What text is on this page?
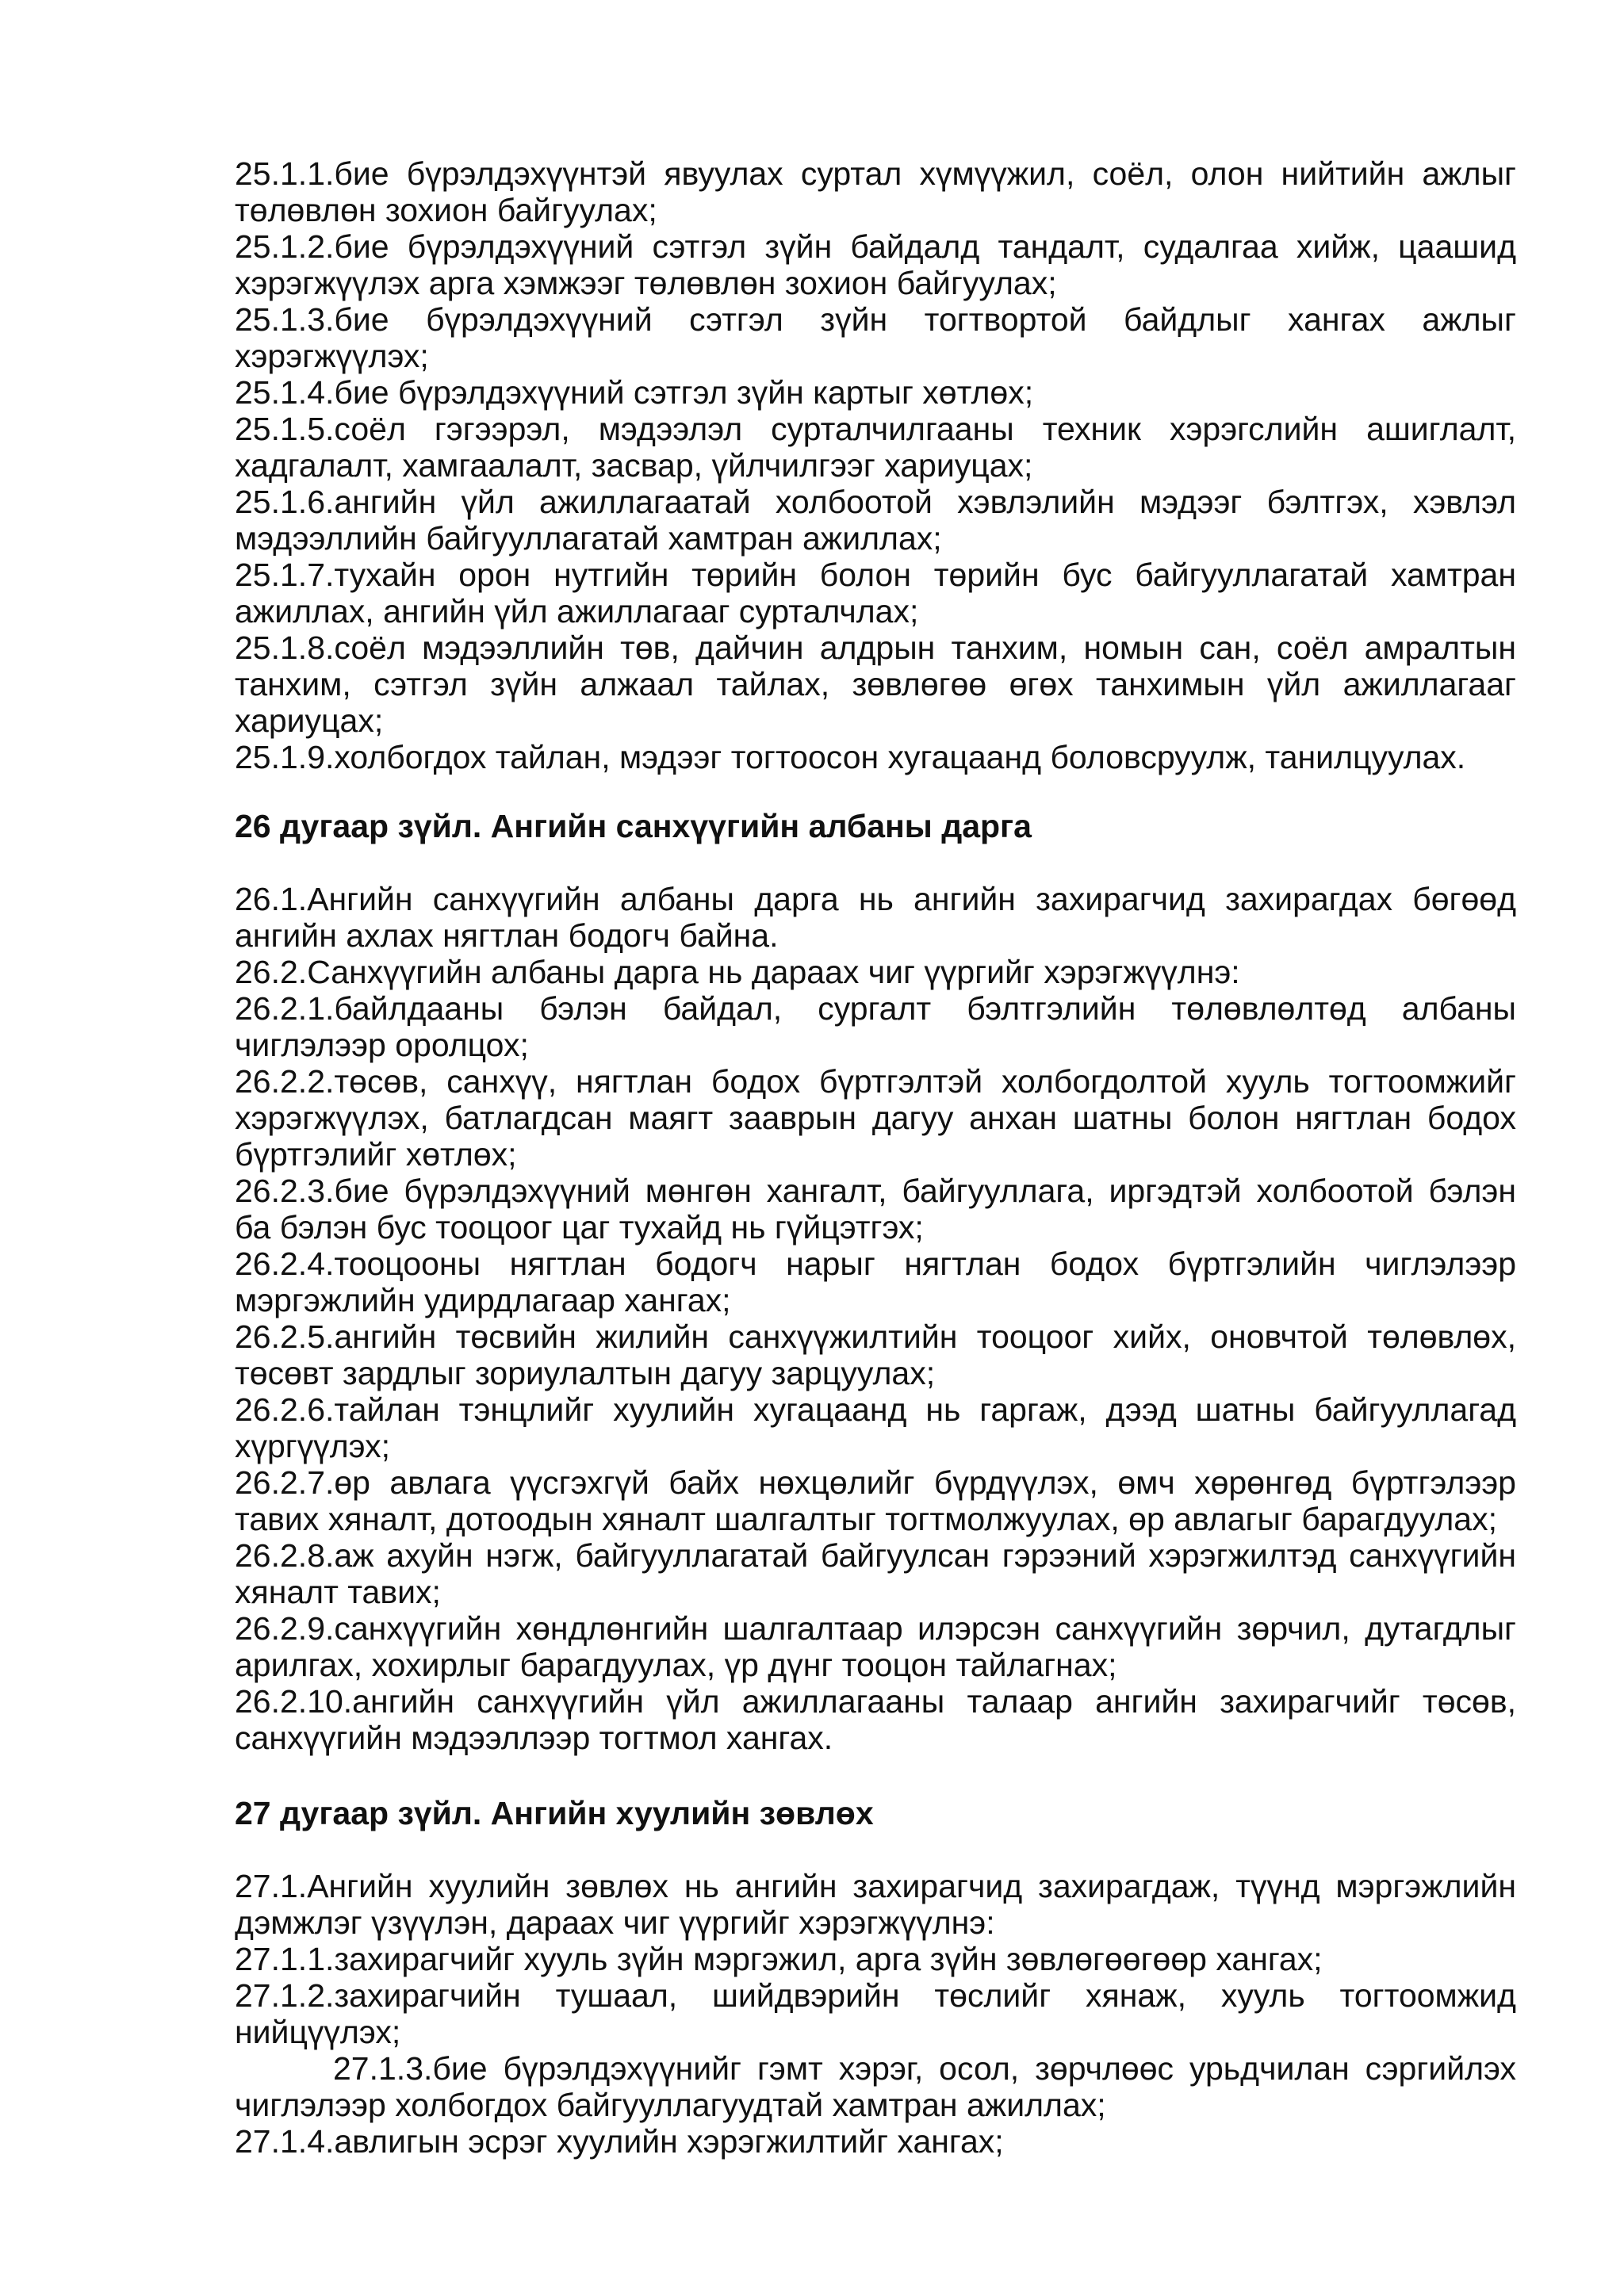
25.1.1.бие бүрэлдэхүүнтэй явуулах суртал хүмүүжил, соёл, олон нийтийн ажлыг төлөвлөн зохион байгуулах;

25.1.2.бие бүрэлдэхүүний сэтгэл зүйн байдалд тандалт, судалгаа хийж, цаашид хэрэгжүүлэх арга хэмжээг төлөвлөн зохион байгуулах;

25.1.3.бие бүрэлдэхүүний сэтгэл зүйн тогтвортой байдлыг хангах ажлыг хэрэгжүүлэх;

25.1.4.бие бүрэлдэхүүний сэтгэл зүйн картыг хөтлөх;

25.1.5.соёл гэгээрэл, мэдээлэл сурталчилгааны техник хэрэгслийн ашиглалт, хадгалалт, хамгаалалт, засвар, үйлчилгээг хариуцах;

25.1.6.ангийн үйл ажиллагаатай холбоотой хэвлэлийн мэдээг бэлтгэх, хэвлэл мэдээллийн байгууллагатай хамтран ажиллах;

25.1.7.тухайн орон нутгийн төрийн болон төрийн бус байгууллагатай хамтран ажиллах, ангийн үйл ажиллагааг сурталчлах;

25.1.8.соёл мэдээллийн төв, дайчин алдрын танхим, номын сан, соёл амралтын танхим, сэтгэл зүйн алжаал тайлах, зөвлөгөө өгөх танхимын үйл ажиллагааг хариуцах;

25.1.9.холбогдох тайлан, мэдээг тогтоосон хугацаанд боловсруулж, танилцуулах.

26 дугаар зүйл. Ангийн санхүүгийн албаны дарга

26.1.Ангийн санхүүгийн албаны дарга нь ангийн захирагчид захирагдах бөгөөд ангийн ахлах нягтлан бодогч байна.

26.2.Санхүүгийн албаны дарга нь дараах чиг үүргийг хэрэгжүүлнэ:

26.2.1.байлдааны бэлэн байдал, сургалт бэлтгэлийн төлөвлөлтөд албаны чиглэлээр оролцох;

26.2.2.төсөв, санхүү, нягтлан бодох бүртгэлтэй холбогдолтой хууль тогтоомжийг хэрэгжүүлэх, батлагдсан маягт зааврын дагуу анхан шатны болон нягтлан бодох бүртгэлийг хөтлөх;

26.2.3.бие бүрэлдэхүүний мөнгөн хангалт, байгууллага, иргэдтэй холбоотой бэлэн ба бэлэн бус тооцоог цаг тухайд нь гүйцэтгэх;

26.2.4.тооцооны нягтлан бодогч нарыг нягтлан бодох бүртгэлийн чиглэлээр мэргэжлийн удирдлагаар хангах;

26.2.5.ангийн төсвийн жилийн санхүүжилтийн тооцоог хийх, оновчтой төлөвлөх, төсөвт зардлыг зориулалтын дагуу зарцуулах;

26.2.6.тайлан тэнцлийг хуулийн хугацаанд нь гаргаж, дээд шатны байгууллагад хүргүүлэх;

26.2.7.өр авлага үүсгэхгүй байх нөхцөлийг бүрдүүлэх, өмч хөрөнгөд бүртгэлээр тавих хяналт, дотоодын хяналт шалгалтыг тогтмолжуулах, өр авлагыг барагдуулах;

26.2.8.аж ахуйн нэгж, байгууллагатай байгуулсан гэрээний хэрэгжилтэд санхүүгийн хяналт тавих;

26.2.9.санхүүгийн хөндлөнгийн шалгалтаар илэрсэн санхүүгийн зөрчил, дутагдлыг арилгах, хохирлыг барагдуулах, үр дүнг тооцон тайлагнах;

26.2.10.ангийн санхүүгийн үйл ажиллагааны талаар ангийн захирагчийг төсөв, санхүүгийн мэдээллээр тогтмол хангах.

27 дугаар зүйл. Ангийн хуулийн зөвлөх

27.1.Ангийн хуулийн зөвлөх нь ангийн захирагчид захирагдаж, түүнд мэргэжлийн дэмжлэг үзүүлэн, дараах чиг үүргийг хэрэгжүүлнэ:

27.1.1.захирагчийг хууль зүйн мэргэжил, арга зүйн зөвлөгөөгөөр хангах;

27.1.2.захирагчийн тушаал, шийдвэрийн төслийг хянаж, хууль тогтоомжид нийцүүлэх;

27.1.3.бие бүрэлдэхүүнийг гэмт хэрэг, осол, зөрчлөөс урьдчилан сэргийлэх чиглэлээр холбогдох байгууллагуудтай хамтран ажиллах;

27.1.4.авлигын эсрэг хуулийн хэрэгжилтийг хангах;
